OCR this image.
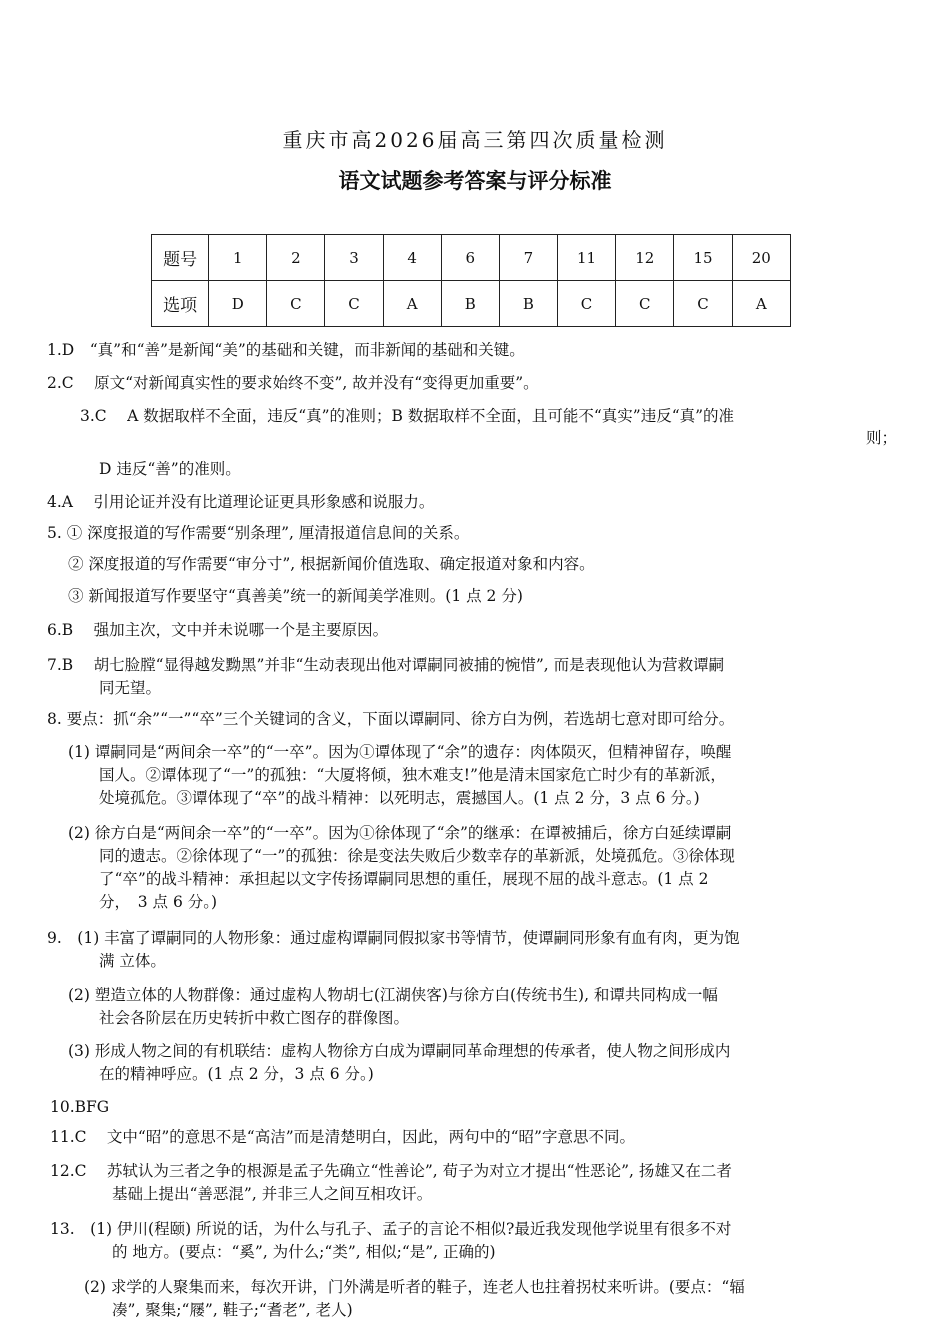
重庆市高2026届高三第四次质量检测
语文试题参考答案与评分标准
题号	1	2	3	4	6	7	11	12	15	20
选项	D	C	C	A	B	B	C	C	C	A
1.D　“真”和“善”是新闻“美”的基础和关键，而非新闻的基础和关键。
2.C　 原文“对新闻真实性的要求始终不变”, 故并没有“变得更加重要”。
3.C　 A 数据取样不全面，违反“真”的准则；B 数据取样不全面，且可能不“真实”违反“真”的准
则；
D 违反“善”的准则。
4.A　 引用论证并没有比道理论证更具形象感和说服力。
5. ① 深度报道的写作需要“别条理”, 厘清报道信息间的关系。
② 深度报道的写作需要“审分寸”, 根据新闻价值选取、确定报道对象和内容。
③ 新闻报道写作要坚守“真善美”统一的新闻美学准则。(1 点 2 分)
6.B　 强加主次，文中并未说哪一个是主要原因。
7.B　 胡七脸膛“显得越发黝黑”并非“生动表现出他对谭嗣同被捕的惋惜”, 而是表现他认为营救谭嗣
同无望。
8. 要点：抓“余”“一”“卒”三个关键词的含义，下面以谭嗣同、徐方白为例，若选胡七意对即可给分。
(1) 谭嗣同是“两间余一卒”的“一卒”。因为①谭体现了“余”的遗存：肉体陨灭，但精神留存，唤醒
国人。②谭体现了“一”的孤独：“大厦将倾，独木难支!”他是清末国家危亡时少有的革新派，
处境孤危。③谭体现了“卒”的战斗精神：以死明志，震撼国人。(1 点 2 分，3 点 6 分。)
(2) 徐方白是“两间余一卒”的“一卒”。因为①徐体现了“余”的继承：在谭被捕后，徐方白延续谭嗣
同的遗志。②徐体现了“一”的孤独：徐是变法失败后少数幸存的革新派，处境孤危。③徐体现
了“卒”的战斗精神：承担起以文字传扬谭嗣同思想的重任，展现不屈的战斗意志。(1 点 2
分，　3 点 6 分。)
9.　(1) 丰富了谭嗣同的人物形象：通过虚构谭嗣同假拟家书等情节，使谭嗣同形象有血有肉，更为饱
满 立体。
(2) 塑造立体的人物群像：通过虚构人物胡七(江湖侠客)与徐方白(传统书生), 和谭共同构成一幅
社会各阶层在历史转折中救亡图存的群像图。
(3) 形成人物之间的有机联结：虚构人物徐方白成为谭嗣同革命理想的传承者，使人物之间形成内
在的精神呼应。(1 点 2 分，3 点 6 分。)
10.BFG
11.C　 文中“昭”的意思不是“高洁”而是清楚明白，因此，两句中的“昭”字意思不同。
12.C　 苏轼认为三者之争的根源是孟子先确立“性善论”, 荀子为对立才提出“性恶论”, 扬雄又在二者
基础上提出“善恶混”, 并非三人之间互相攻讦。
13.　(1) 伊川(程颐) 所说的话，为什么与孔子、孟子的言论不相似?最近我发现他学说里有很多不对
的 地方。(要点：“奚”, 为什么;“类”, 相似;“是”, 正确的)
(2) 求学的人聚集而来，每次开讲，门外满是听者的鞋子，连老人也拄着拐杖来听讲。(要点：“辐
凑”, 聚集;“屦”, 鞋子;“耆老”, 老人)
